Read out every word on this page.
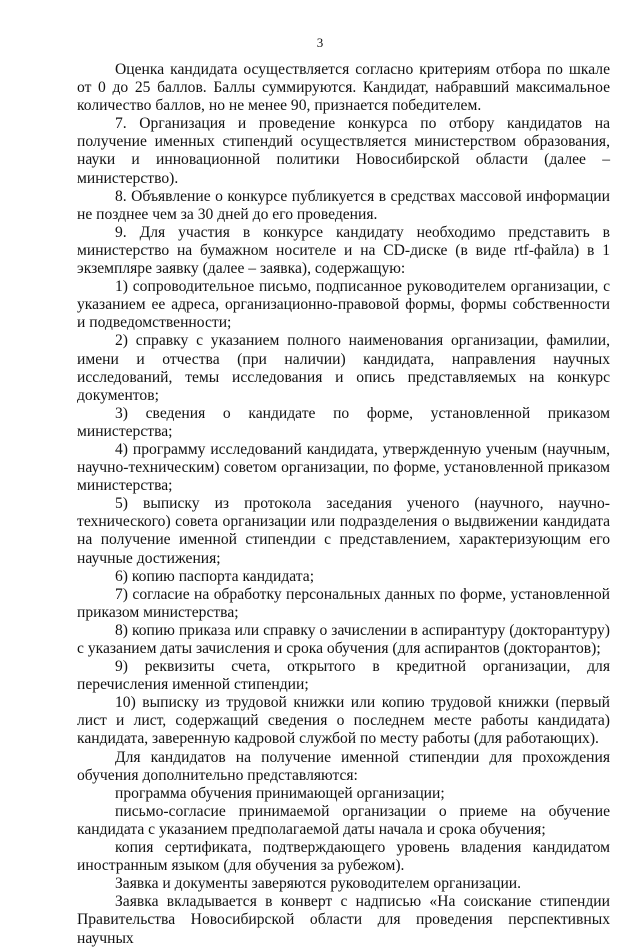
3

Оценка кандидата осуществляется согласно критериям отбора по шкале от 0 до 25 баллов. Баллы суммируются. Кандидат, набравший максимальное количество баллов, но не менее 90, признается победителем.

7. Организация и проведение конкурса по отбору кандидатов на получение именных стипендий осуществляется министерством образования, науки и инновационной политики Новосибирской области (далее – министерство).

8. Объявление о конкурсе публикуется в средствах массовой информации не позднее чем за 30 дней до его проведения.

9. Для участия в конкурсе кандидату необходимо представить в министерство на бумажном носителе и на CD-диске (в виде rtf-файла) в 1 экземпляре заявку (далее – заявка), содержащую:

1) сопроводительное письмо, подписанное руководителем организации, с указанием ее адреса, организационно-правовой формы, формы собственности и подведомственности;

2) справку с указанием полного наименования организации, фамилии, имени и отчества (при наличии) кандидата, направления научных исследований, темы исследования и опись представляемых на конкурс документов;

3) сведения о кандидате по форме, установленной приказом министерства;

4) программу исследований кандидата, утвержденную ученым (научным, научно-техническим) советом организации, по форме, установленной приказом министерства;

5) выписку из протокола заседания ученого (научного, научно- технического) совета организации или подразделения о выдвижении кандидата на получение именной стипендии с представлением, характеризующим его научные достижения;

6) копию паспорта кандидата;

7) согласие на обработку персональных данных по форме, установленной приказом министерства;

8) копию приказа или справку о зачислении в аспирантуру (докторантуру) с указанием даты зачисления и срока обучения (для аспирантов (докторантов);

9) реквизиты счета, открытого в кредитной организации, для перечисления именной стипендии;

10) выписку из трудовой книжки или копию трудовой книжки (первый лист и лист, содержащий сведения о последнем месте работы кандидата) кандидата, заверенную кадровой службой по месту работы (для работающих).

Для кандидатов на получение именной стипендии для прохождения обучения дополнительно представляются:

программа обучения принимающей организации;

письмо-согласие принимаемой организации о приеме на обучение кандидата с указанием предполагаемой даты начала и срока обучения;

копия сертификата, подтверждающего уровень владения кандидатом иностранным языком (для обучения за рубежом).

Заявка и документы заверяются руководителем организации.

Заявка вкладывается в конверт с надписью «На соискание стипендии Правительства Новосибирской области для проведения перспективных научных
